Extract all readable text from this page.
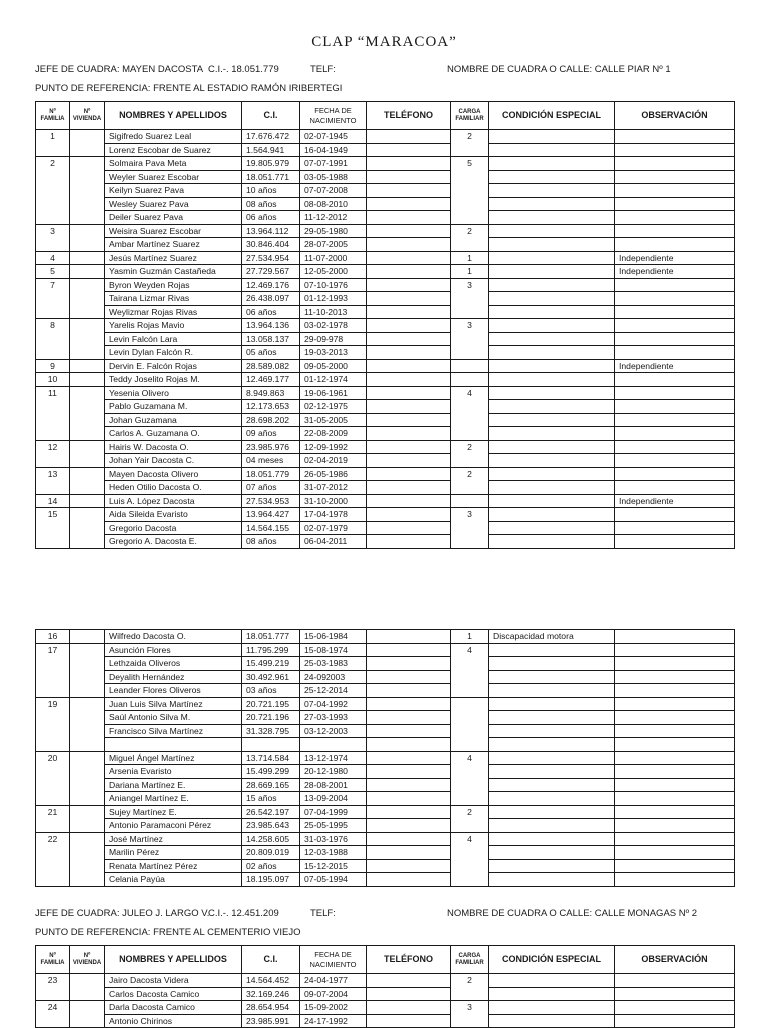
CLAP “MARACOA”
JEFE DE CUADRA: MAYEN DACOSTA C.I.-. 18.051.779	TELF:	NOMBRE DE CUADRA O CALLE: CALLE PIAR Nº 1
PUNTO DE REFERENCIA: FRENTE AL ESTADIO RAMÓN IRIBERTEGI
Nº FAMILIA	Nº VIVIENDA	NOMBRES Y APELLIDOS	C.I.	FECHA DE NACIMIENTO	TELÉFONO	CARGA FAMILIAR	CONDICIÓN ESPECIAL	OBSERVACIÓN
1		Sigifredo Suarez Leal	17.676.472	02-07-1945		2		
		Lorenz Escobar de Suarez	1.564.941	16-04-1949				
2		Solmaira Pava Meta	19.805.979	07-07-1991		5		
		Weyler Suarez Escobar	18.051.771	03-05-1988				
		Keilyn Suarez Pava	10 años	07-07-2008				
		Wesley Suarez Pava	08 años	08-08-2010				
		Deiler Suarez Pava	06 años	11-12-2012				
3		Weisira Suarez Escobar	13.964.112	29-05-1980		2		
		Ambar Martínez Suarez	30.846.404	28-07-2005				
4		Jesús Martínez Suarez	27.534.954	11-07-2000		1		Independiente
5		Yasmin Guzmán Castañeda	27.729.567	12-05-2000		1		Independiente
7		Byron Weyden Rojas	12.469.176	07-10-1976		3		
		Tairana Lizmar Rivas	26.438.097	01-12-1993				
		Weylizmar Rojas Rivas	06 años	11-10-2013				
8		Yarelis Rojas Mavio	13.964.136	03-02-1978		3		
		Levin Falcón Lara	13.058.137	29-09-978				
		Levin Dylan Falcón R.	05 años	19-03-2013				
9		Dervin E. Falcón Rojas	28.589.082	09-05-2000				Independiente
10		Teddy Joselito Rojas M.	12.469.177	01-12-1974				
11		Yesenia Olivero	8.949.863	19-06-1961		4		
		Pablo Guzamana M.	12.173.653	02-12-1975				
		Johan Guzamana	28.698.202	31-05-2005				
		Carlos A. Guzamana O.	09 años	22-08-2009				
12		Hairis W. Dacosta O.	23.985.976	12-09-1992		2		
		Johan Yair Dacosta C.	04 meses	02-04-2019				
13		Mayen Dacosta Olivero	18.051.779	26-05-1986		2		
		Heden Otilio Dacosta O.	07 años	31-07-2012				
14		Luis A. López Dacosta	27.534.953	31-10-2000				Independiente
15		Aida Sileida Evaristo	13.964.427	17-04-1978		3		
		Gregorio Dacosta	14.564.155	02-07-1979				
		Gregorio A. Dacosta E.	08 años	06-04-2011				
16		Wilfredo Dacosta O.	18.051.777	15-06-1984		1	Discapacidad motora	
17		Asunción Flores	11.795.299	15-08-1974		4		
		Lethzaida Oliveros	15.499.219	25-03-1983				
		Deyalith Hernández	30.492.961	24-092003				
		Leander Flores Oliveros	03 años	25-12-2014				
19		Juan Luis Silva Martínez	20.721.195	07-04-1992				
		Saúl Antonio Silva M.	20.721.196	27-03-1993				
		Francisco Silva Martínez	31.328.795	03-12-2003				

20		Miguel Ángel Martínez	13.714.584	13-12-1974		4		
		Arsenia Evaristo	15.499.299	20-12-1980				
		Dariana Martínez E.	28.669.165	28-08-2001				
		Aniangel Martínez E.	15 años	13-09-2004				
21		Sujey Martínez E.	26.542.197	07-04-1999		2		
		Antonio Paramaconi Pérez	23.985.643	25-05-1995				
22		José Martínez	14.258.605	31-03-1976		4		
		Marilin Pérez	20.809.019	12-03-1988				
		Renata Martínez Pérez	02 años	15-12-2015				
		Celania Payúa	18.195.097	07-05-1994				
JEFE DE CUADRA: JULEO J. LARGO V.
C.I.-. 12.451.209	TELF:	NOMBRE DE CUADRA O CALLE: CALLE MONAGAS Nº 2
PUNTO DE REFERENCIA: FRENTE AL CEMENTERIO VIEJO
Nº FAMILIA	Nº VIVIENDA	NOMBRES Y APELLIDOS	C.I.	FECHA DE NACIMIENTO	TELÉFONO	CARGA FAMILIAR	CONDICIÓN ESPECIAL	OBSERVACIÓN
23		Jairo Dacosta Videra	14.564.452	24-04-1977		2		
		Carlos Dacosta Camico	32.169.246	09-07-2004				
24		Darla Dacosta Camico	28.654.954	15-09-2002		3		
		Antonio Chirinos	23.985.991	24-17-1992				
